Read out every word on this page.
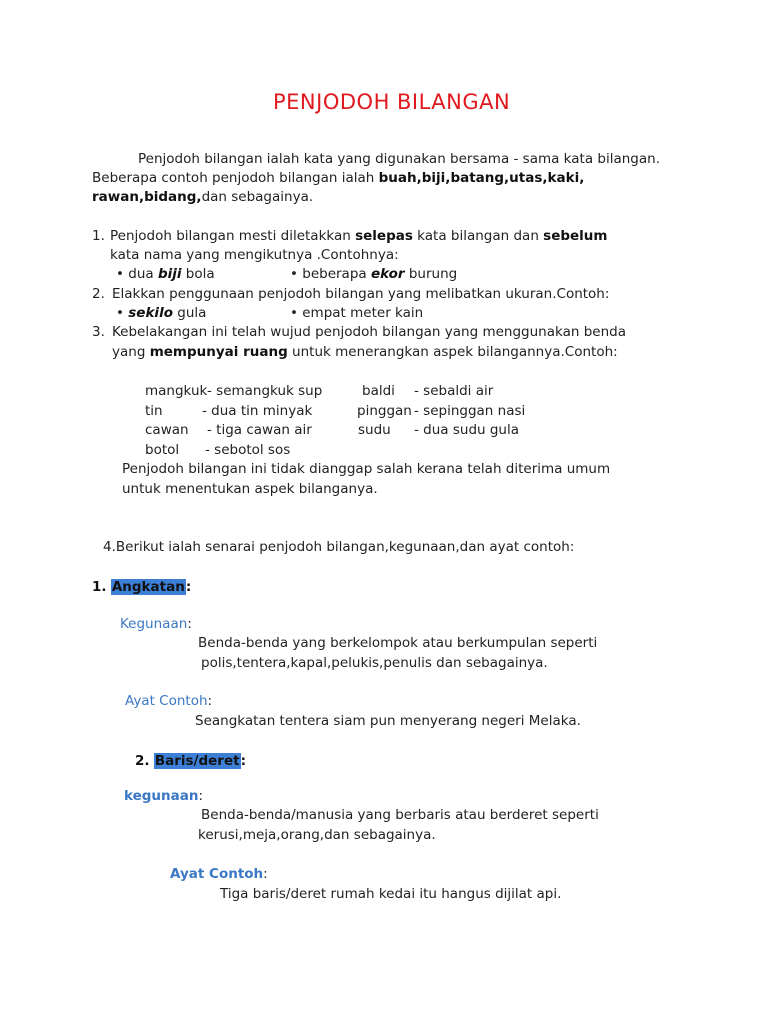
PENJODOH BILANGAN
Penjodoh bilangan ialah kata yang digunakan bersama - sama kata bilangan.
Beberapa contoh penjodoh bilangan ialah buah,biji,batang,utas,kaki,
rawan,bidang,dan sebagainya.
1. Penjodoh bilangan mesti diletakkan selepas kata bilangan dan sebelum
kata nama yang mengikutnya .Contohnya:
• dua biji bola	• beberapa ekor burung
2. Elakkan penggunaan penjodoh bilangan yang melibatkan ukuran.Contoh:
• sekilo gula	• empat meter kain
3. Kebelakangan ini telah wujud penjodoh bilangan yang menggunakan benda
yang mempunyai ruang untuk menerangkan aspek bilangannya.Contoh:
mangkuk - semangkuk sup	baldi - sebaldi air
tin	- dua tin minyak	pinggan - sepinggan nasi
cawan - tiga cawan air	sudu - dua sudu gula
botol - sebotol sos
Penjodoh bilangan ini tidak dianggap salah kerana telah diterima umum
untuk menentukan aspek bilanganya.
4.Berikut ialah senarai penjodoh bilangan,kegunaan,dan ayat contoh:
1. Angkatan:
Kegunaan:
Benda-benda yang berkelompok atau berkumpulan seperti
polis,tentera,kapal,pelukis,penulis dan sebagainya.
Ayat Contoh:
Seangkatan tentera siam pun menyerang negeri Melaka.
2. Baris/deret:
kegunaan:
Benda-benda/manusia yang berbaris atau berderet seperti
kerusi,meja,orang,dan sebagainya.
Ayat Contoh:
Tiga baris/deret rumah kedai itu hangus dijilat api.
